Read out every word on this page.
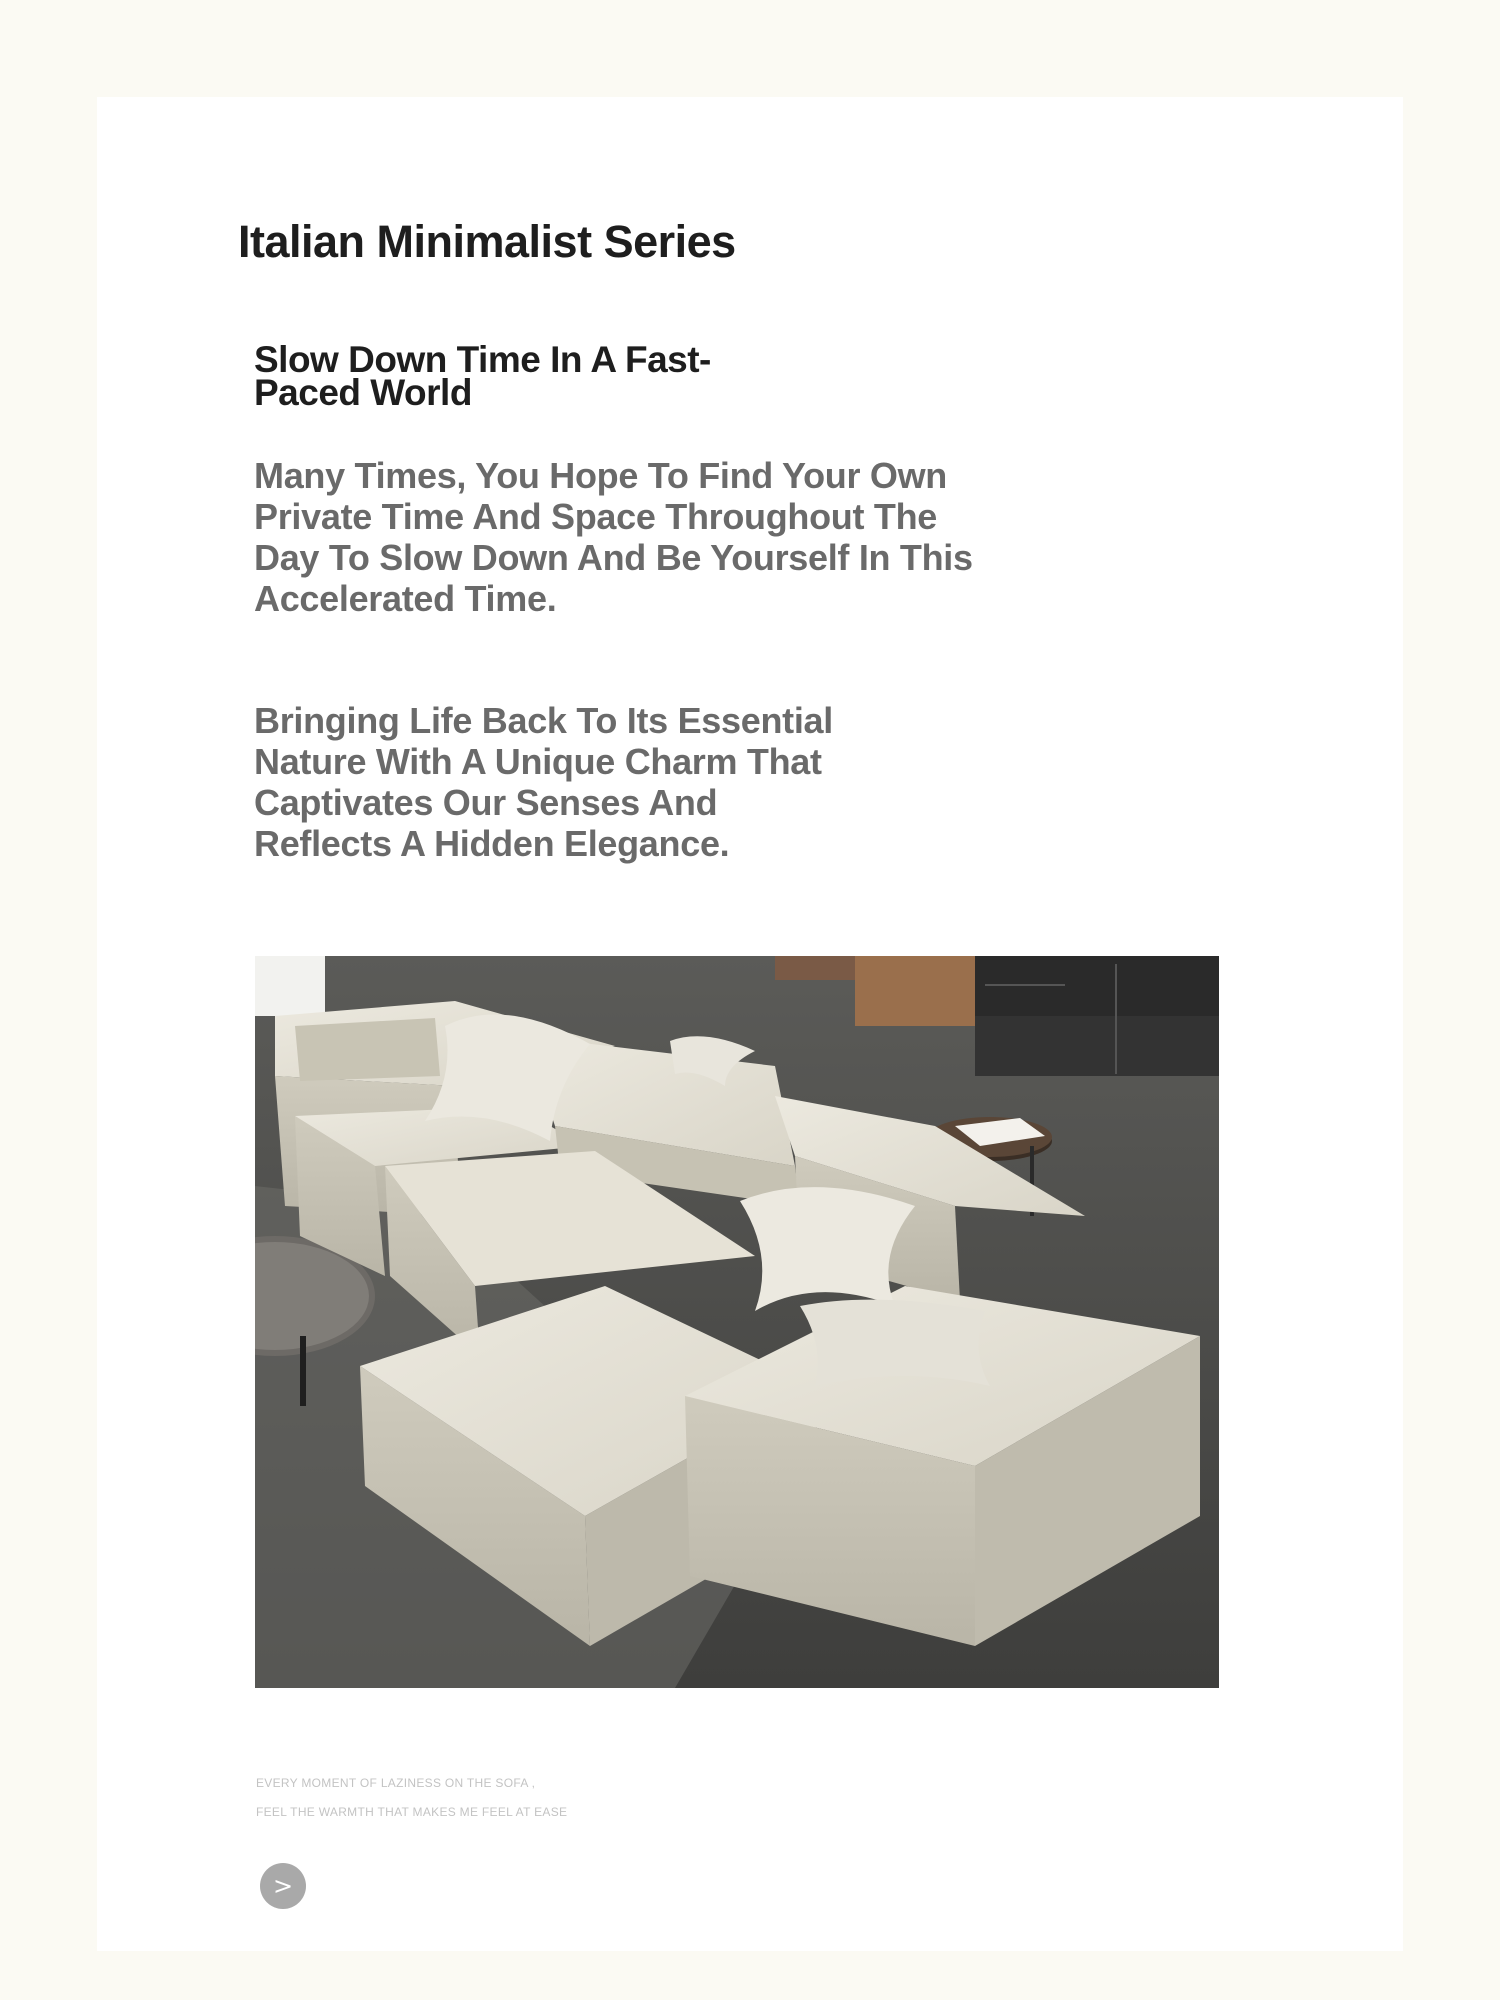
Italian Minimalist Series
Slow Down Time In A Fast-Paced World

Many Times, You Hope To Find Your Own Private Time And Space Throughout The Day To Slow Down And Be Yourself In This Accelerated Time.

Bringing Life Back To Its Essential Nature With A Unique Charm That Captivates Our Senses And Reflects A Hidden Elegance.

EVERY MOMENT OF LAZINESS ON THE SOFA ,

FEEL THE WARMTH THAT MAKES ME FEEL AT EASE

>
